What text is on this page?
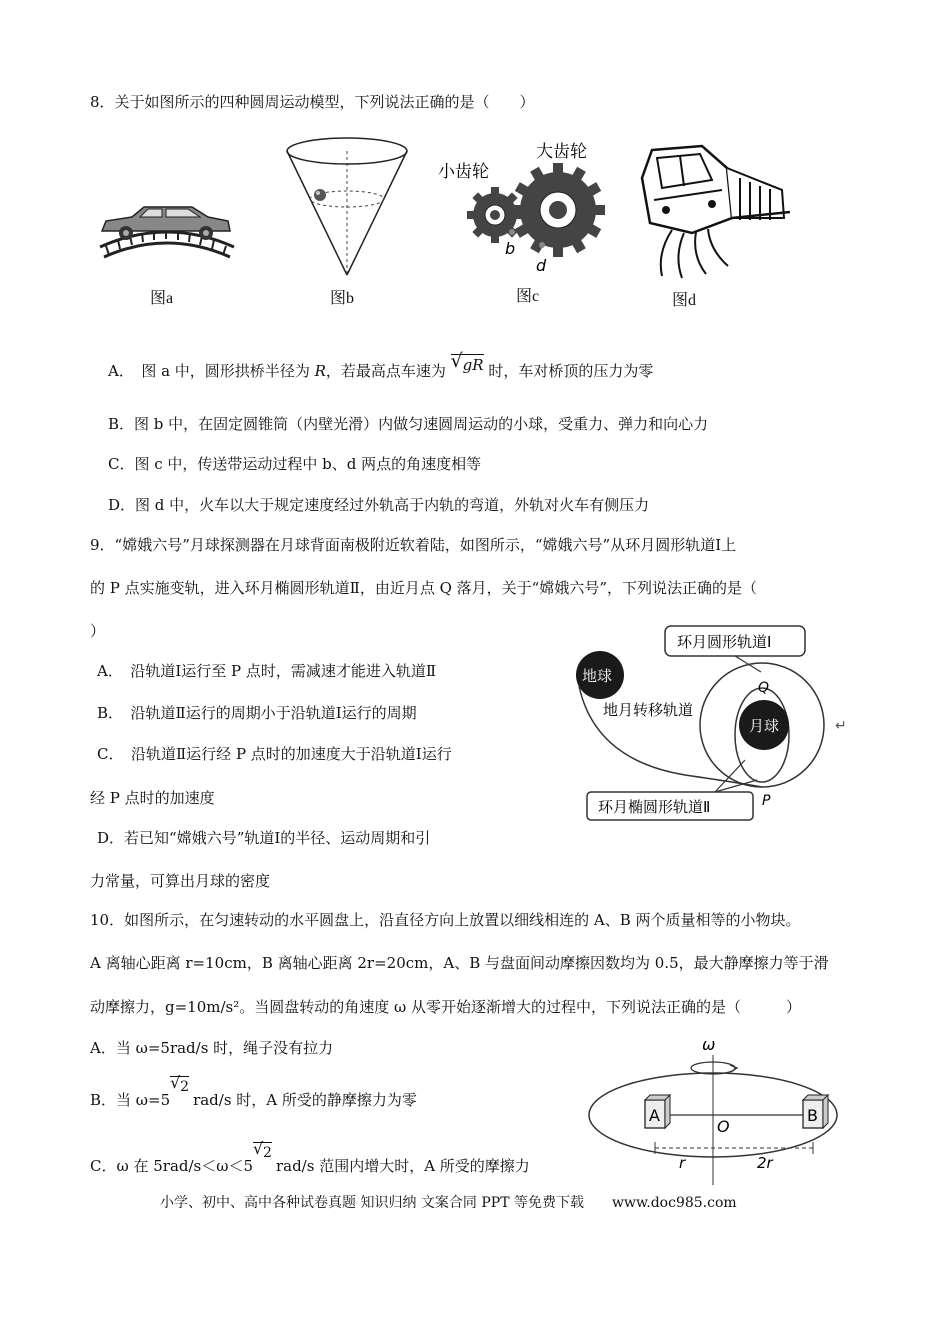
8．关于如图所示的四种圆周运动模型，下列说法正确的是（　　）
图a	图b
小齿轮
大齿轮
b
d
图c	图d
A．　图 a 中，圆形拱桥半径为 R，若最高点车速为 √ gR 时，车对桥顶的压力为零
B．图 b 中，在固定圆锥筒（内壁光滑）内做匀速圆周运动的小球，受重力、弹力和向心力
C．图 c 中，传送带运动过程中 b、d 两点的角速度相等
D．图 d 中，火车以大于规定速度经过外轨高于内轨的弯道，外轨对火车有侧压力
9．“嫦娥六号”月球探测器在月球背面南极附近软着陆，如图所示，“嫦娥六号”从环月圆形轨道Ⅰ上
的 P 点实施变轨，进入环月椭圆形轨道Ⅱ，由近月点 Q 落月，关于“嫦娥六号”，下列说法正确的是（
）
A．　沿轨道Ⅰ运行至 P 点时，需减速才能进入轨道Ⅱ
B．　沿轨道Ⅱ运行的周期小于沿轨道Ⅰ运行的周期
C．　沿轨道Ⅱ运行经 P 点时的加速度大于沿轨道Ⅰ运行
经 P 点时的加速度
D．若已知“嫦娥六号”轨道Ⅰ的半径、运动周期和引
力常量，可算出月球的密度
环月圆形轨道Ⅰ
月球
地球
地月转移轨道
Q
P
↵
环月椭圆形轨道Ⅱ
10．如图所示，在匀速转动的水平圆盘上，沿直径方向上放置以细线相连的 A、B 两个质量相等的小物块。
A 离轴心距离 r=10cm，B 离轴心距离 2r=20cm，A、B 与盘面间动摩擦因数均为 0.5，最大静摩擦力等于滑
动摩擦力，g=10m/s²。当圆盘转动的角速度 ω 从零开始逐渐增大的过程中，下列说法正确的是（　　　）
A．当 ω=5rad/s 时，绳子没有拉力
B．当 ω=5
√ 2rad/s 时，A 所受的静摩擦力为零
C．ω 在 5rad/s＜ω＜5
√ 2rad/s 范围内增大时，A 所受的摩擦力
ω
A	B
O
r	2r
小学、初中、高中各种试卷真题 知识归纳 文案合同 PPT 等免费下载　　www.doc985.com
